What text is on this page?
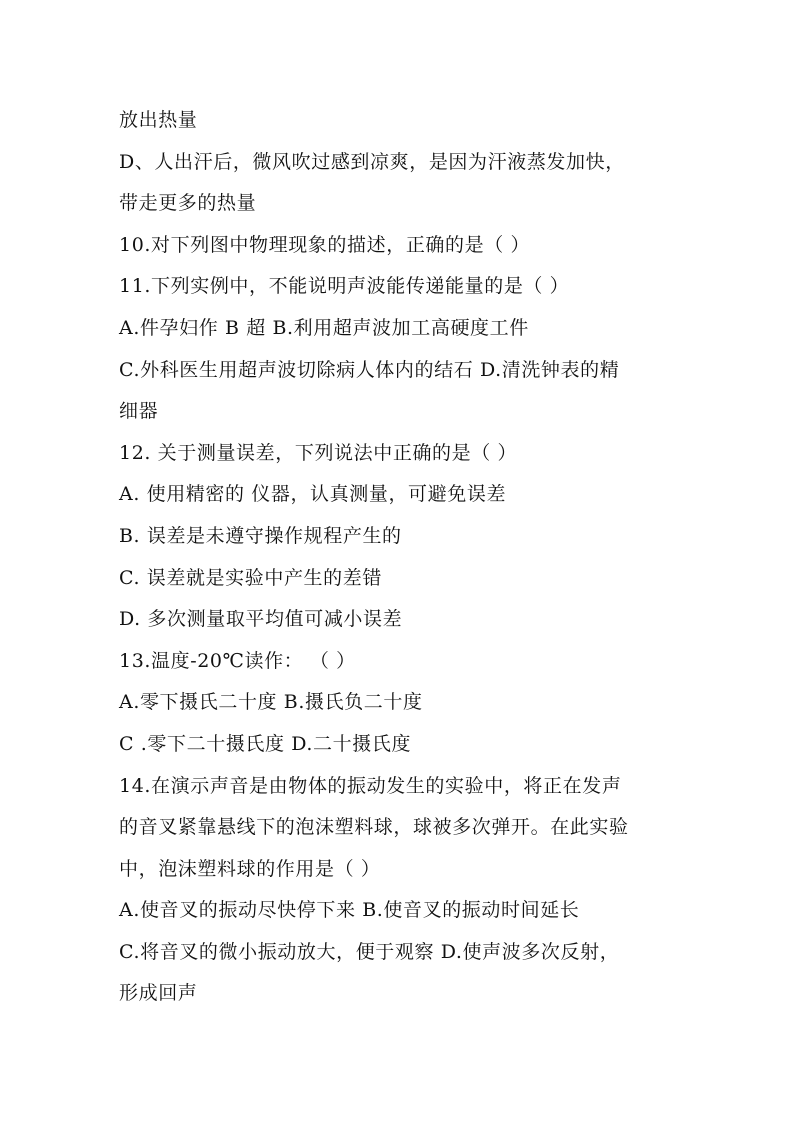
放出热量
D、人出汗后，微风吹过感到凉爽，是因为汗液蒸发加快，
带走更多的热量
10.对下列图中物理现象的描述，正确的是（ ）
11.下列实例中，不能说明声波能传递能量的是（ ）
A.件孕妇作 B 超 B.利用超声波加工高硬度工件
C.外科医生用超声波切除病人体内的结石 D.清洗钟表的精
细器
12. 关于测量误差，下列说法中正确的是（ ）
A. 使用精密的 仪器，认真测量，可避免误差
B. 误差是未遵守操作规程产生的
C. 误差就是实验中产生的差错
D. 多次测量取平均值可减小误差
13.温度-20℃读作： （ ）
A.零下摄氏二十度 B.摄氏负二十度
C .零下二十摄氏度 D.二十摄氏度
14.在演示声音是由物体的振动发生的实验中，将正在发声
的音叉紧靠悬线下的泡沫塑料球，球被多次弹开。在此实验
中，泡沫塑料球的作用是（ ）
A.使音叉的振动尽快停下来 B.使音叉的振动时间延长
C.将音叉的微小振动放大，便于观察 D.使声波多次反射，
形成回声
